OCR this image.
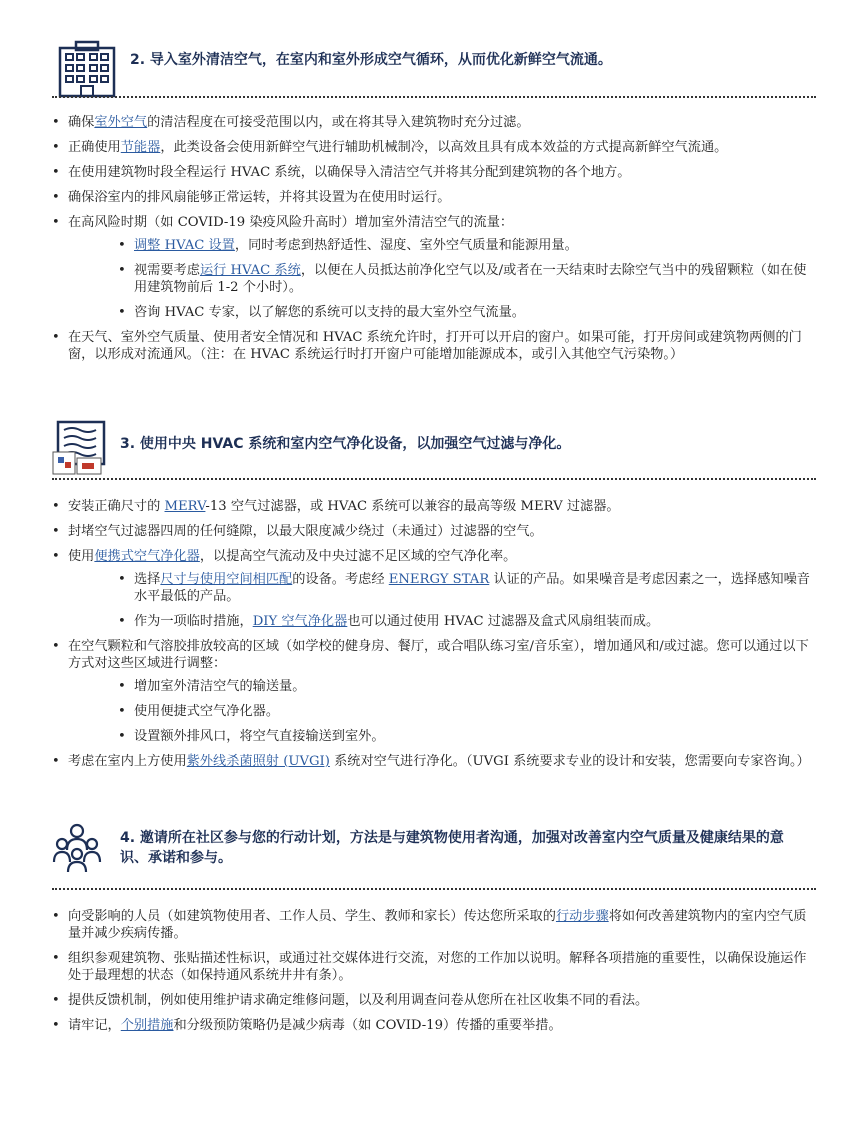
2. 导入室外清洁空气，在室内和室外形成空气循环，从而优化新鲜空气流通。
• 确保室外空气的清洁程度在可接受范围以内，或在将其导入建筑物时充分过滤。
• 正确使用节能器，此类设备会使用新鲜空气进行辅助机械制冷，以高效且具有成本效益的方式提高新鲜空气流通。
• 在使用建筑物时段全程运行 HVAC 系统，以确保导入清洁空气并将其分配到建筑物的各个地方。
• 确保浴室内的排风扇能够正常运转，并将其设置为在使用时运行。
• 在高风险时期（如 COVID-19 染疫风险升高时）增加室外清洁空气的流量：
• 调整 HVAC 设置，同时考虑到热舒适性、湿度、室外空气质量和能源用量。
• 视需要考虑运行 HVAC 系统，以便在人员抵达前净化空气以及/或者在一天结束时去除空气当中的残留颗粒（如在使用建筑物前后 1-2 个小时）。
• 咨询 HVAC 专家，以了解您的系统可以支持的最大室外空气流量。
• 在天气、室外空气质量、使用者安全情况和 HVAC 系统允许时，打开可以开启的窗户。如果可能，打开房间或建筑物两侧的门窗，以形成对流通风。（注：在 HVAC 系统运行时打开窗户可能增加能源成本，或引入其他空气污染物。）
3. 使用中央 HVAC 系统和室内空气净化设备，以加强空气过滤与净化。
• 安装正确尺寸的 MERV-13 空气过滤器，或 HVAC 系统可以兼容的最高等级 MERV 过滤器。
• 封堵空气过滤器四周的任何缝隙，以最大限度减少绕过（未通过）过滤器的空气。
• 使用便携式空气净化器，以提高空气流动及中央过滤不足区域的空气净化率。
• 选择尺寸与使用空间相匹配的设备。考虑经 ENERGY STAR 认证的产品。如果噪音是考虑因素之一，选择感知噪音水平最低的产品。
• 作为一项临时措施，DIY 空气净化器也可以通过使用 HVAC 过滤器及盒式风扇组装而成。
• 在空气颗粒和气溶胶排放较高的区域（如学校的健身房、餐厅，或合唱队练习室/音乐室），增加通风和/或过滤。您可以通过以下方式对这些区域进行调整：
• 增加室外清洁空气的输送量。
• 使用便捷式空气净化器。
• 设置额外排风口，将空气直接输送到室外。
• 考虑在室内上方使用紫外线杀菌照射 (UVGI) 系统对空气进行净化。（UVGI 系统要求专业的设计和安装，您需要向专家咨询。）
4. 邀请所在社区参与您的行动计划，方法是与建筑物使用者沟通，加强对改善室内空气质量及健康结果的意识、承诺和参与。
• 向受影响的人员（如建筑物使用者、工作人员、学生、教师和家长）传达您所采取的行动步骤将如何改善建筑物内的室内空气质量并减少疾病传播。
• 组织参观建筑物、张贴描述性标识，或通过社交媒体进行交流，对您的工作加以说明。解释各项措施的重要性，以确保设施运作处于最理想的状态（如保持通风系统井井有条）。
• 提供反馈机制，例如使用维护请求确定维修问题，以及利用调查问卷从您所在社区收集不同的看法。
• 请牢记，个别措施和分级预防策略仍是减少病毒（如 COVID-19）传播的重要举措。
